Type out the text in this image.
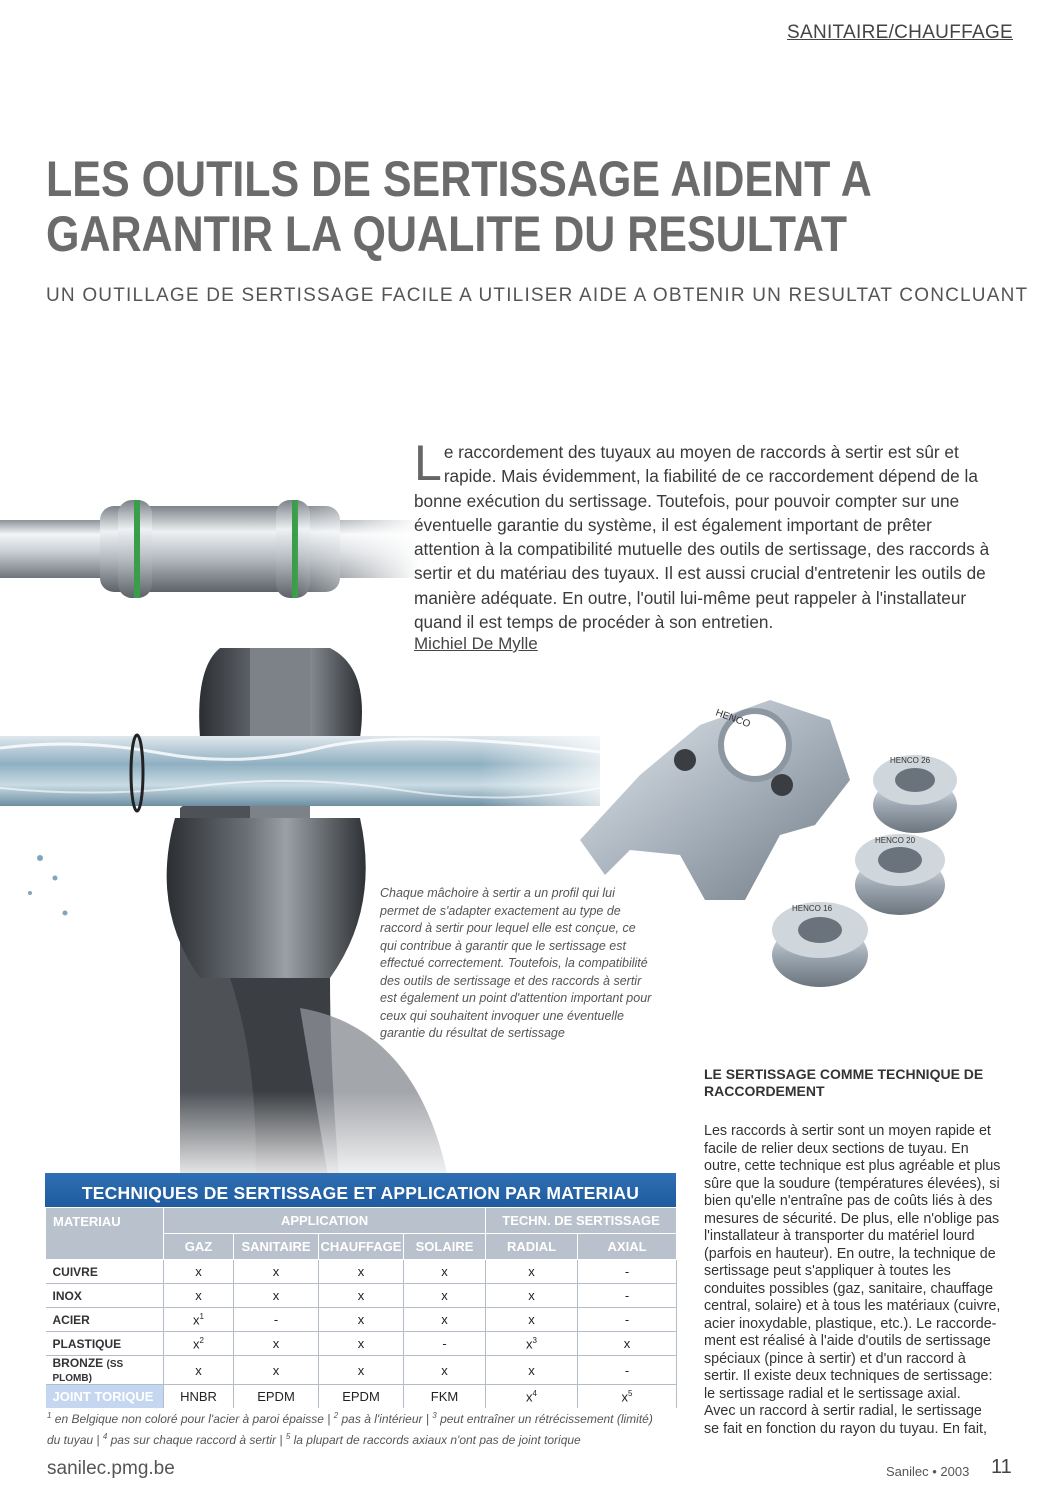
SANITAIRE/CHAUFFAGE
LES OUTILS DE SERTISSAGE AIDENT A
GARANTIR LA QUALITE DU RESULTAT
UN OUTILLAGE DE SERTISSAGE FACILE A UTILISER AIDE A OBTENIR UN RESULTAT CONCLUANT
HENCO
HENCO 26
HENCO 20
HENCO 16

Le raccordement des tuyaux au moyen de raccords à sertir est sûr et rapide. Mais évidemment, la fiabilité de ce raccordement dépend de la bonne exécution du sertissage. Toutefois, pour pouvoir compter sur une éventuelle garantie du système, il est également important de prêter attention à la compatibilité mutuelle des outils de sertissage, des raccords à sertir et du matériau des tuyaux. Il est aussi crucial d'entretenir les outils de manière adéquate. En outre, l'outil lui-même peut rappeler à l'installateur quand il est temps de procéder à son entretien.

Michiel De Mylle

Chaque mâchoire à sertir a un profil qui lui permet de s'adapter exactement au type de raccord à sertir pour lequel elle est conçue, ce qui contribue à garantir que le sertissage est effectué correctement. Toutefois, la compatibilité des outils de sertissage et des raccords à sertir est également un point d'attention important pour ceux qui souhaitent invoquer une éventuelle garantie du résultat de sertissage

LE SERTISSAGE COMME TECHNIQUE DE RACCORDEMENT

Les raccords à sertir sont un moyen rapide et
facile de relier deux sections de tuyau. En
outre, cette technique est plus agréable et plus
sûre que la soudure (températures élevées), si
bien qu'elle n'entraîne pas de coûts liés à des
mesures de sécurité. De plus, elle n'oblige pas
l'installateur à transporter du matériel lourd
(parfois en hauteur). En outre, la technique de
sertissage peut s'appliquer à toutes les
conduites possibles (gaz, sanitaire, chauffage
central, solaire) et à tous les matériaux (cuivre,
acier inoxydable, plastique, etc.). Le raccorde-
ment est réalisé à l'aide d'outils de sertissage
spéciaux (pince à sertir) et d'un raccord à
sertir. Il existe deux techniques de sertissage:
le sertissage radial et le sertissage axial.
Avec un raccord à sertir radial, le sertissage
se fait en fonction du rayon du tuyau. En fait,

TECHNIQUES DE SERTISSAGE ET APPLICATION PAR MATERIAU
MATERIAU	APPLICATION				TECHN. DE SERTISSAGE	
	GAZ	SANITAIRE	CHAUFFAGE	SOLAIRE	RADIAL	AXIAL
CUIVRE	x	x	x	x	x	-
INOX	x	x	x	x	x	-
ACIER	$x^1$	-	x	x	x	-
PLASTIQUE	$x^2$	x	x	-	$x^3$	x
BRONZE (SS PLOMB)	x	x	x	x	x	-
JOINT TORIQUE	HNBR	EPDM	EPDM	FKM	$x^4$	$x^5$

$^1$ en Belgique non coloré pour l'acier à paroi épaisse | $^2$ pas à l'intérieur | $^3$ peut entraîner un rétrécissement (limité) du tuyau | $^4$ pas sur chaque raccord à sertir | $^5$ la plupart de raccords axiaux n'ont pas de joint torique

sanilec.pmg.be	Sanilec • 2003 11
